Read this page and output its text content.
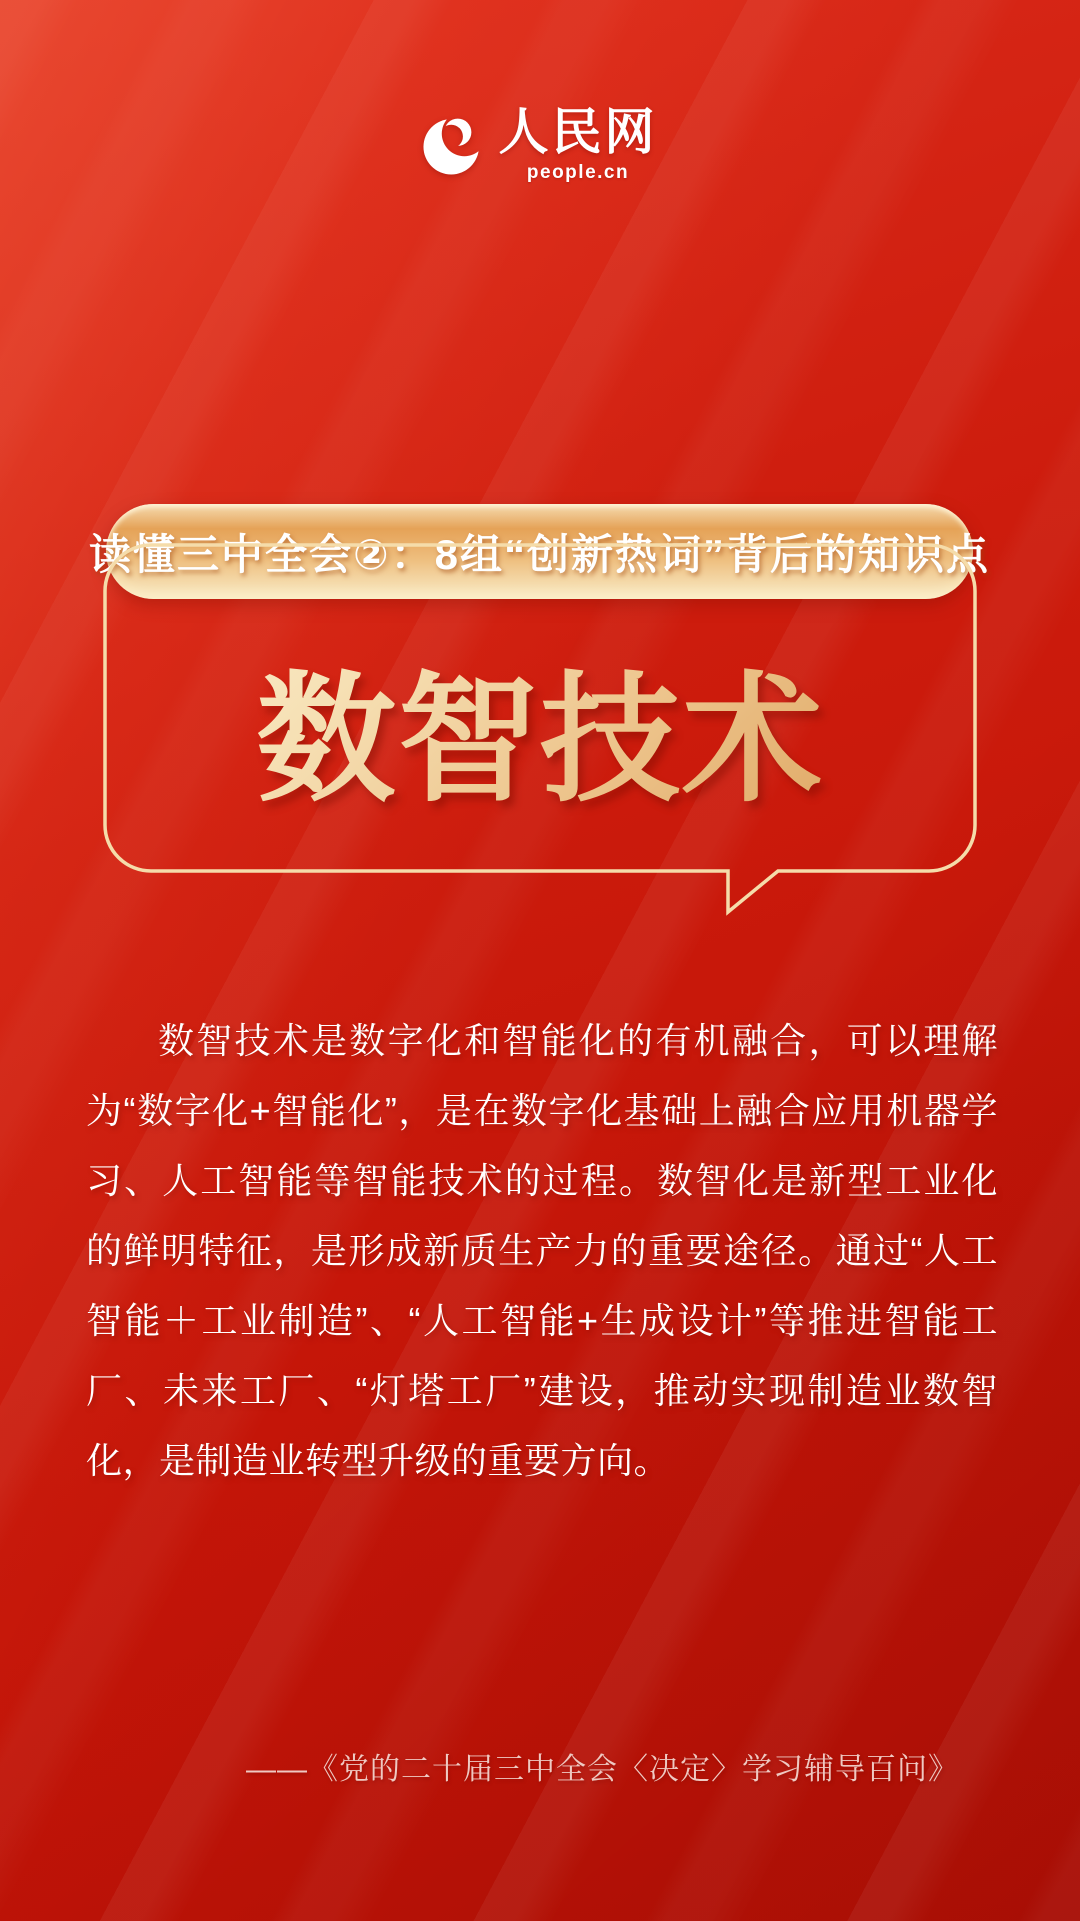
人民网
people.cn
读懂三中全会②：8组“创新热词”背后的知识点
数智技术
数智技术是数字化和智能化的有机融合，可以理解为“数字化+智能化”，是在数字化基础上融合应用机器学习、人工智能等智能技术的过程。数智化是新型工业化的鲜明特征，是形成新质生产力的重要途径。通过“人工智能＋工业制造”、“人工智能+生成设计”等推进智能工厂、未来工厂、“灯塔工厂”建设，推动实现制造业数智化，是制造业转型升级的重要方向。
——《党的二十届三中全会〈决定〉学习辅导百问》
